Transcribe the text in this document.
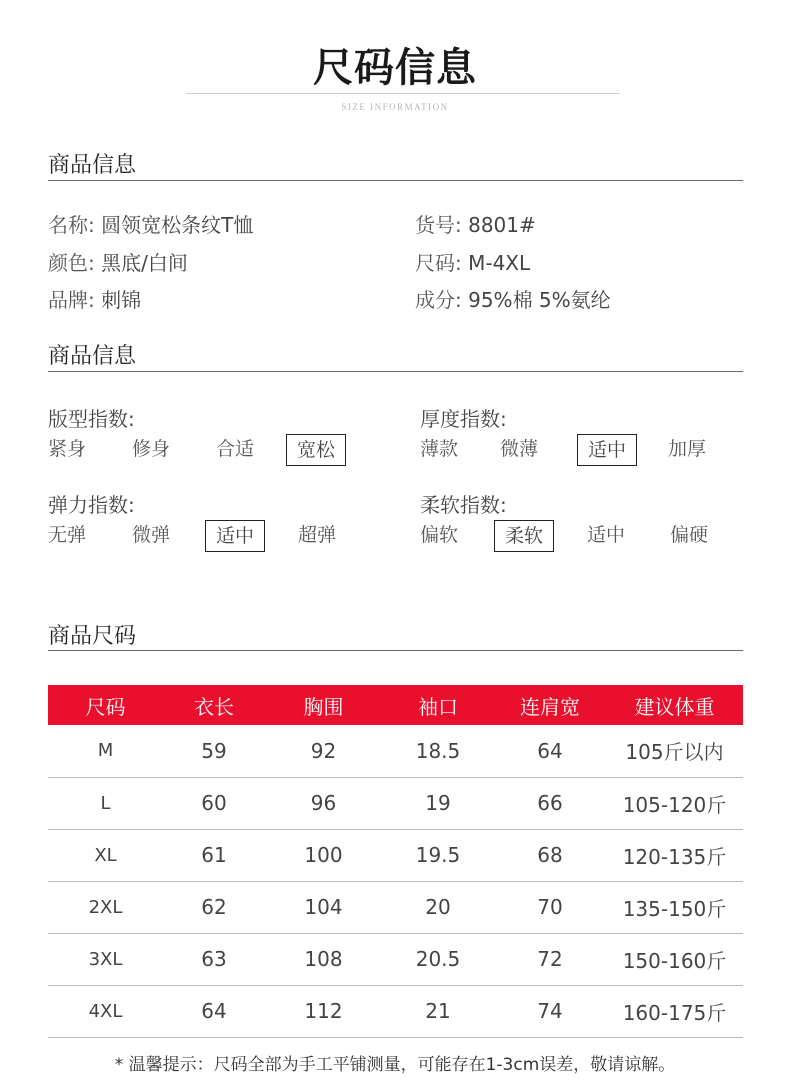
尺码信息
SIZE INFORMATION
商品信息
名称: 圆领宽松条纹T恤	货号: 8801#
颜色: 黑底/白间	尺码: M-4XL
品牌: 刺锦	成分: 95%棉 5%氨纶
商品信息
版型指数:
紧身 修身 合适	宽松
厚度指数:
薄款 微薄	适中	加厚
弹力指数:
无弹 微弹	适中	超弹
柔软指数:
偏软	柔软	适中 偏硬
商品尺码
尺码	衣长	胸围	袖口	连肩宽	建议体重
M	59	92	18.5	64	105斤以内
L	60	96	19	66	105-120斤
XL	61	100	19.5	68	120-135斤
2XL	62	104	20	70	135-150斤
3XL	63	108	20.5	72	150-160斤
4XL	64	112	21	74	160-175斤
* 温馨提示：尺码全部为手工平铺测量，可能存在1-3cm误差，敬请谅解。
